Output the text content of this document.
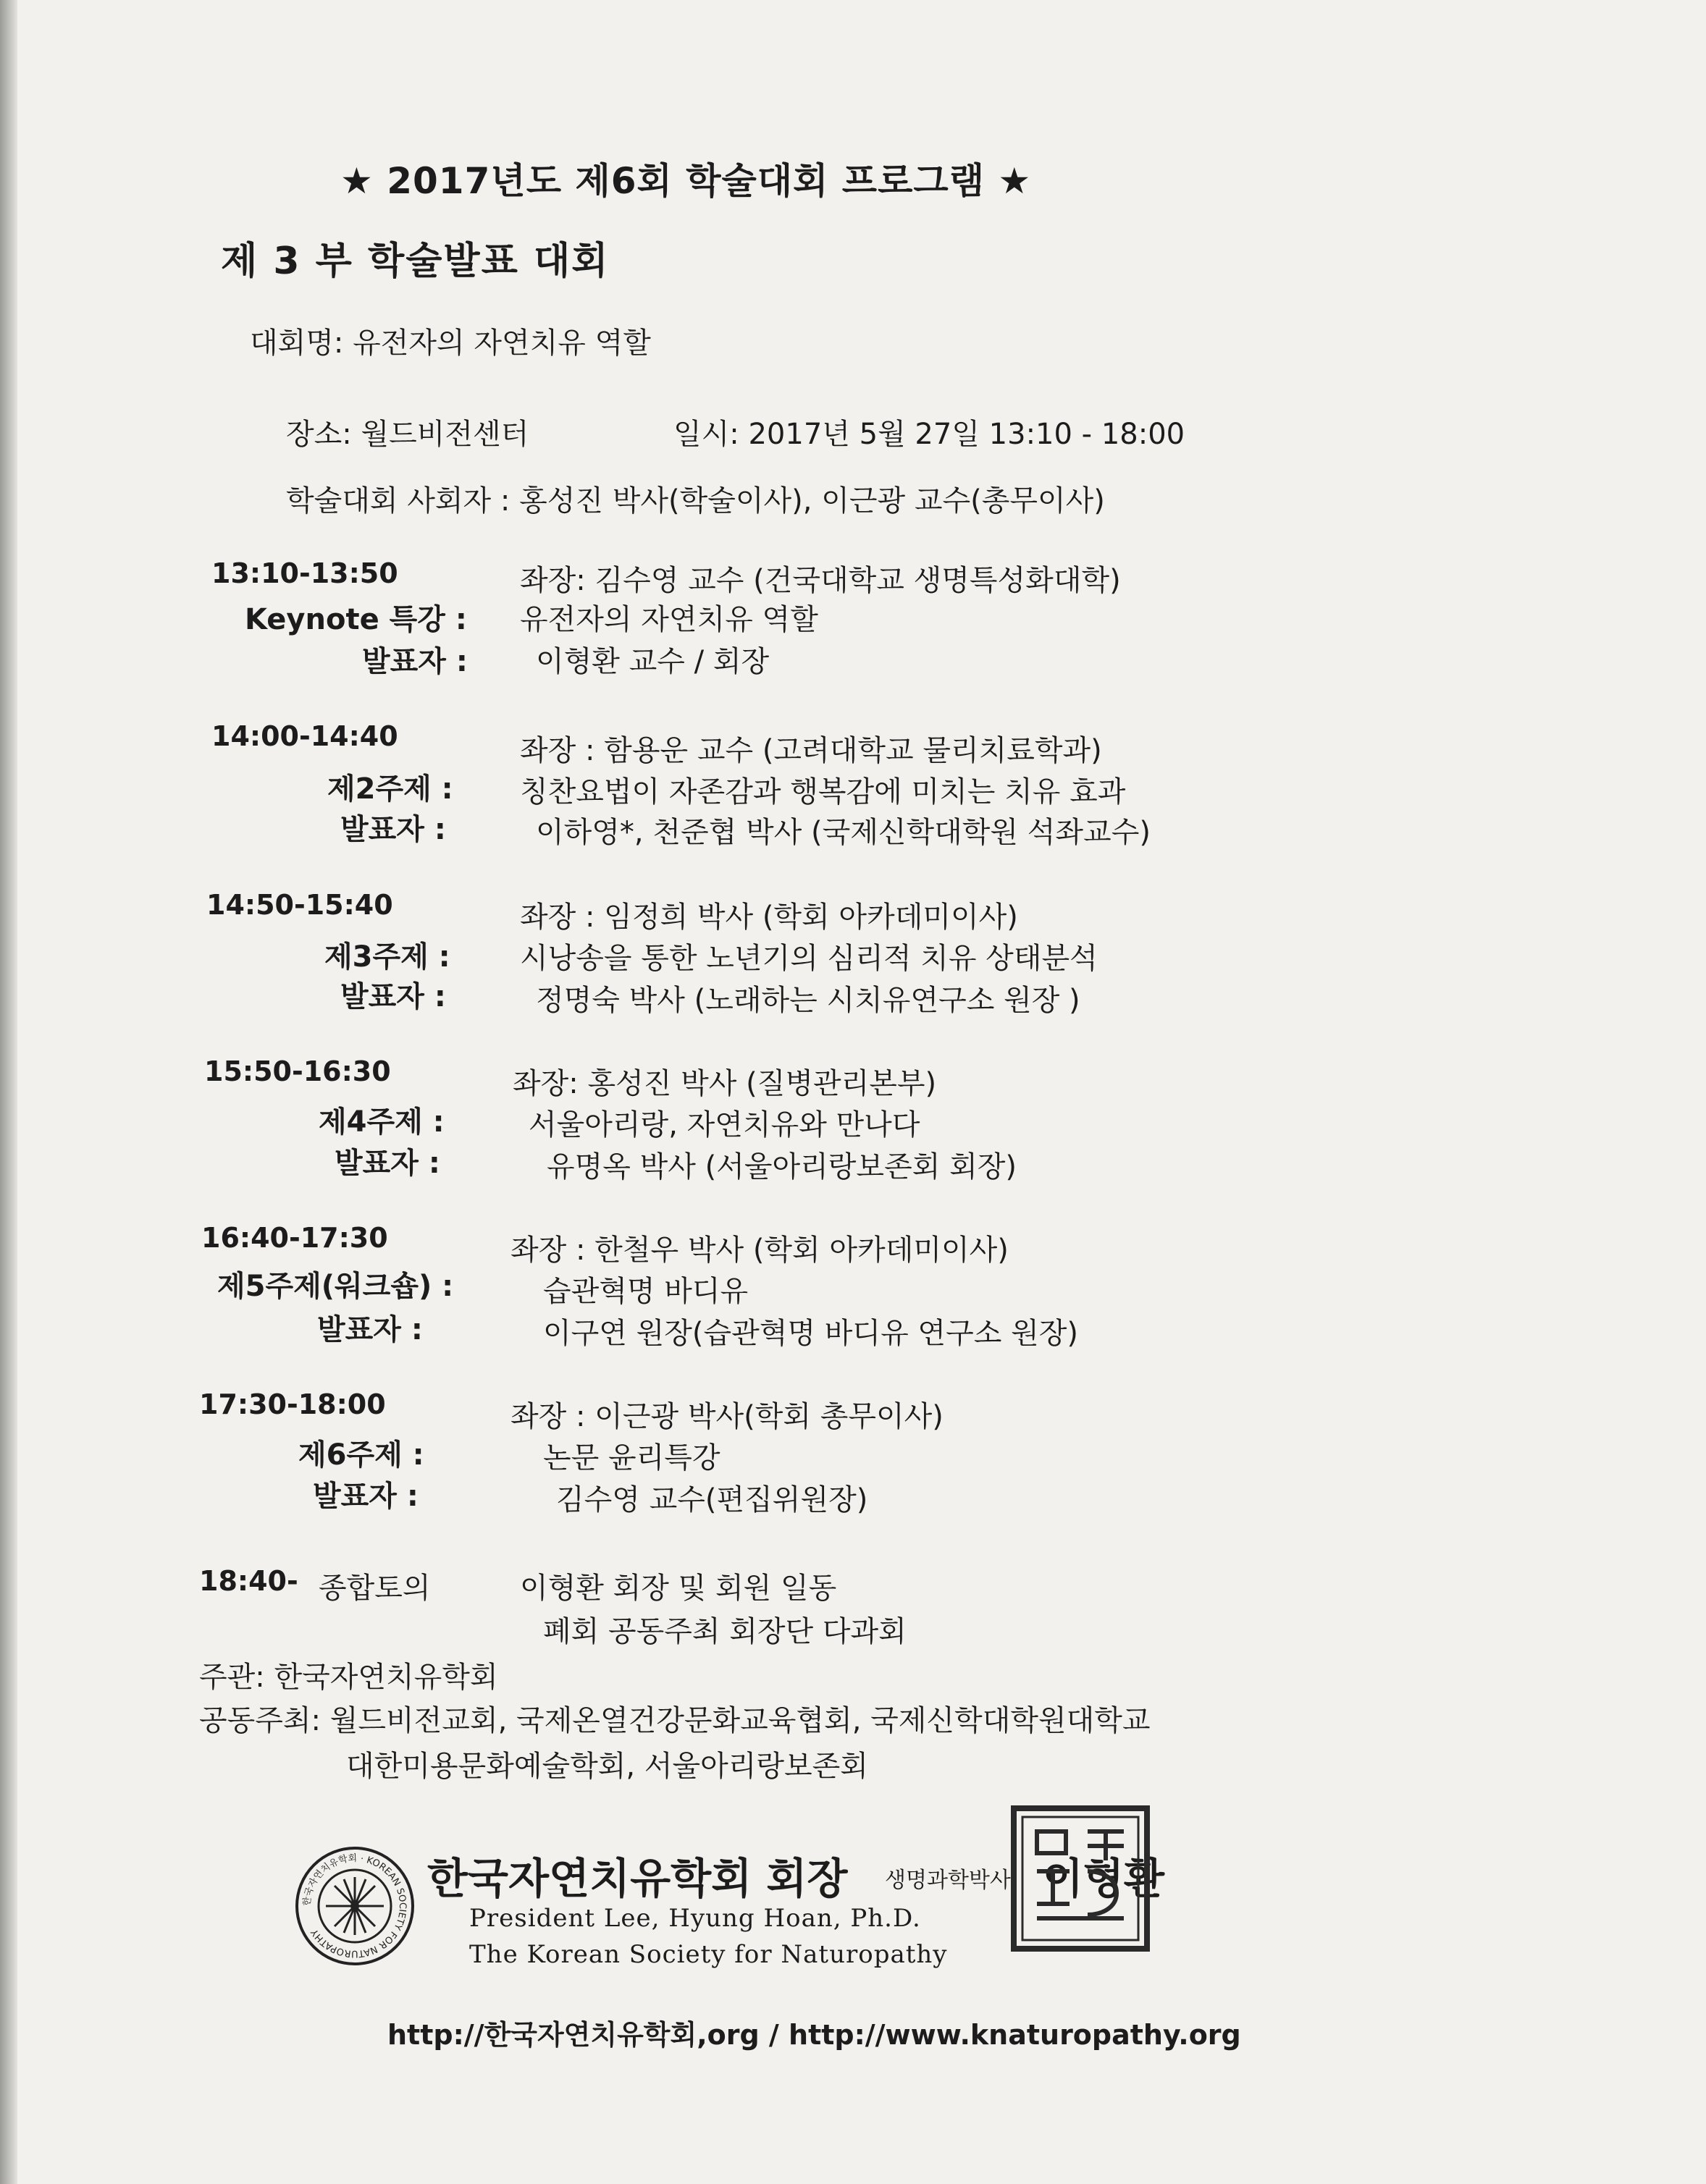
★ 2017년도 제6회 학술대회 프로그램 ★
제 3 부 학술발표 대회
대회명: 유전자의 자연치유 역할
장소: 월드비전센터	일시: 2017년 5월 27일 13:10 - 18:00
학술대회 사회자 : 홍성진 박사(학술이사), 이근광 교수(총무이사)
13:10-13:50	좌장: 김수영 교수 (건국대학교 생명특성화대학)
Keynote 특강 : 유전자의 자연치유 역할
발표자 : 이형환 교수 / 회장
14:00-14:40	좌장 : 함용운 교수 (고려대학교 물리치료학과)
제2주제 : 칭찬요법이 자존감과 행복감에 미치는 치유 효과
발표자 :	이하영*, 천준협 박사 (국제신학대학원 석좌교수)
14:50-15:40	좌장 : 임정희 박사 (학회 아카데미이사)
제3주제 : 시낭송을 통한 노년기의 심리적 치유 상태분석
발표자 :	정명숙 박사 (노래하는 시치유연구소 원장 )
15:50-16:30	좌장: 홍성진 박사 (질병관리본부)
제4주제 :	서울아리랑, 자연치유와 만나다
발표자 :	유명옥 박사 (서울아리랑보존회 회장)
16:40-17:30	좌장 : 한철우 박사 (학회 아카데미이사)
제5주제(워크숍) :	습관혁명 바디유
발표자 :	이구연 원장(습관혁명 바디유 연구소 원장)
17:30-18:00	좌장 : 이근광 박사(학회 총무이사)
제6주제 :	논문 윤리특강
발표자 :	김수영 교수(편집위원장)
18:40- 종합토의	이형환 회장 및 회원 일동
폐회 공동주최 회장단 다과회
주관: 한국자연치유학회
공동주최: 월드비전교회, 국제온열건강문화교육협회, 국제신학대학원대학교
대한미용문화예술학회, 서울아리랑보존회
한국자연치유학회 · KOREAN SOCIETY FOR NATUROPATHY
한국자연치유학회 회장 생명과학박사 이형환
President Lee, Hyung Hoan, Ph.D.
The Korean Society for Naturopathy
http://한국자연치유학회,org / http://www.knaturopathy.org
